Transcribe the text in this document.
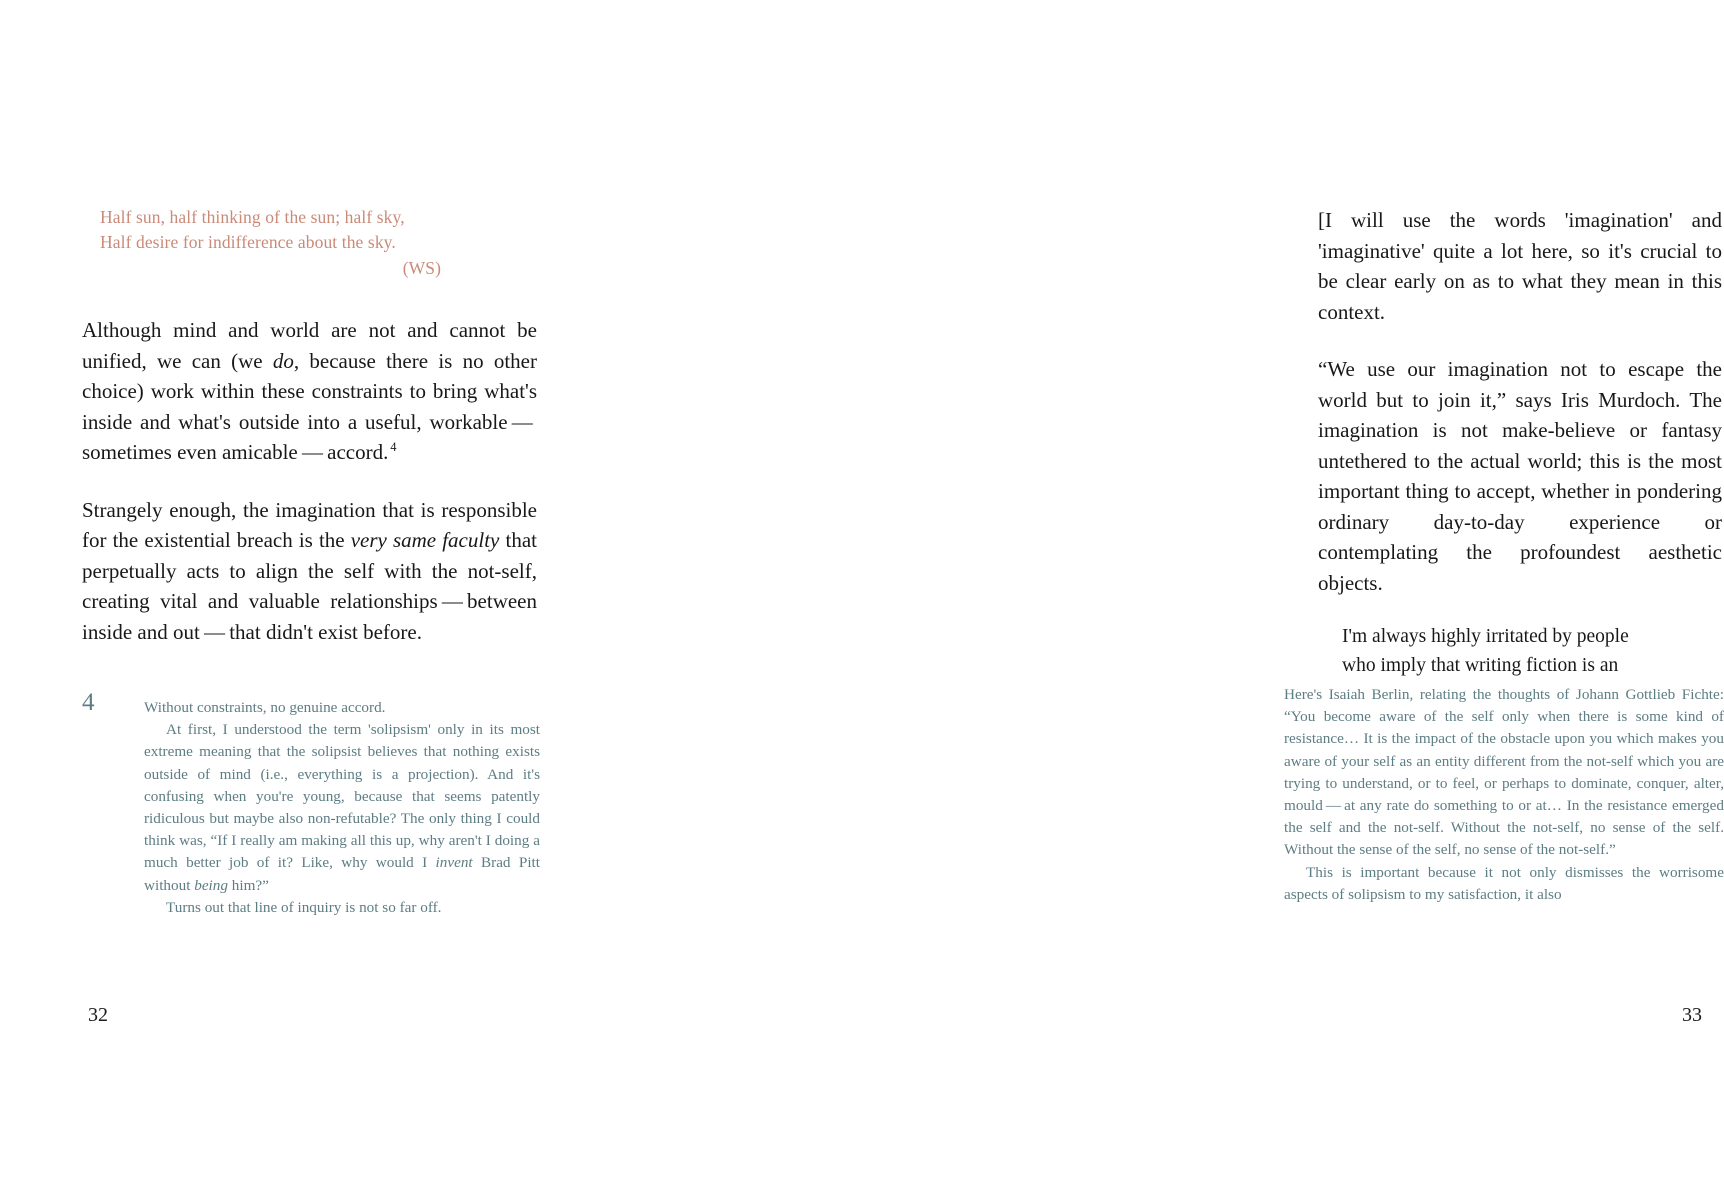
Half sun, half thinking of the sun; half sky,
Half desire for indifference about the sky.
(WS)

Although mind and world are not and cannot be unified, we can (we do, because there is no other choice) work within these constraints to bring what's inside and what's outside into a useful, workable — sometimes even amicable — accord. $^4$

Strangely enough, the imagination that is responsible for the existential breach is the very same faculty that perpetually acts to align the self with the not-self, creating vital and valuable relationships — between inside and out — that didn't exist before.

4	Without constraints, no genuine accord.

At first, I understood the term 'solipsism' only in its most extreme meaning that the solipsist believes that nothing exists outside of mind (i.e., everything is a projection). And it's confusing when you're young, because that seems patently ridiculous but maybe also non-refutable? The only thing I could think was, “If I really am making all this up, why aren't I doing a much better job of it? Like, why would I invent Brad Pitt without being him?”

Turns out that line of inquiry is not so far off.

32

[I will use the words 'imagination' and 'imaginative' quite a lot here, so it's crucial to be clear early on as to what they mean in this context.

“We use our imagination not to escape the world but to join it,” says Iris Murdoch. The imagination is not make-believe or fantasy untethered to the actual world; this is the most important thing to accept, whether in pondering ordinary day-to-day experience or contemplating the profoundest aesthetic objects.

I'm always highly irritated by people
who imply that writing fiction is an

Here's Isaiah Berlin, relating the thoughts of Johann Gottlieb Fichte: “You become aware of the self only when there is some kind of resistance… It is the impact of the obstacle upon you which makes you aware of your self as an entity different from the not-self which you are trying to understand, or to feel, or perhaps to dominate, conquer, alter, mould — at any rate do something to or at… In the resistance emerged the self and the not-self. Without the not-self, no sense of the self. Without the sense of the self, no sense of the not-self.”

This is important because it not only dismisses the worrisome aspects of solipsism to my satisfaction, it also

33
